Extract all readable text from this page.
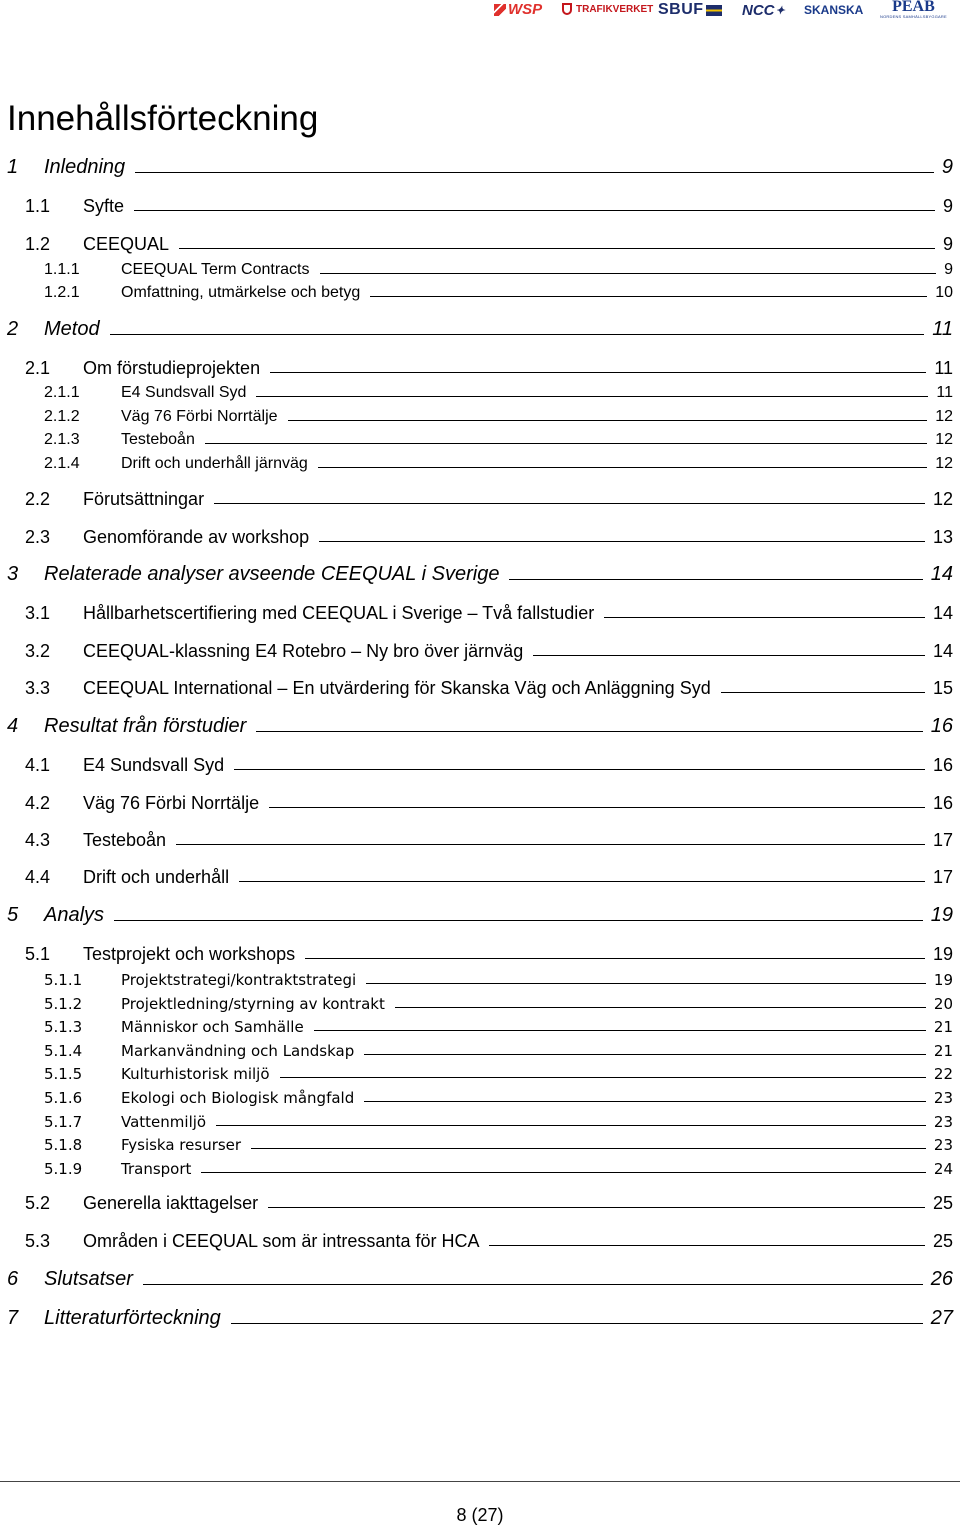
WSP	TRAFIKVERKET SBUF	NCC ✦ SKANSKA	PEAB
NORDENS SAMHÄLLSBYGGARE
Innehållsförteckning
1 Inledning	9
1.1 Syfte	9
1.2 CEEQUAL	9
1.1.1	CEEQUAL Term Contracts	9
1.2.1	Omfattning, utmärkelse och betyg	10
2 Metod	11
2.1 Om förstudieprojekten	11
2.1.1	E4 Sundsvall Syd	11
2.1.2	Väg 76 Förbi Norrtälje	12
2.1.3	Testeboån	12
2.1.4	Drift och underhåll järnväg	12
2.2 Förutsättningar	12
2.3 Genomförande av workshop	13
3 Relaterade analyser avseende CEEQUAL i Sverige	14
3.1 Hållbarhetscertifiering med CEEQUAL i Sverige – Två fallstudier	14
3.2 CEEQUAL-klassning E4 Rotebro – Ny bro över järnväg	14
3.3 CEEQUAL International – En utvärdering för Skanska Väg och Anläggning Syd	15
4 Resultat från förstudier	16
4.1 E4 Sundsvall Syd	16
4.2 Väg 76 Förbi Norrtälje	16
4.3 Testeboån	17
4.4 Drift och underhåll	17
5 Analys	19
5.1 Testprojekt och workshops	19
5.1.1	Projektstrategi/kontraktstrategi	19
5.1.2	Projektledning/styrning av kontrakt	20
5.1.3	Människor och Samhälle	21
5.1.4	Markanvändning och Landskap	21
5.1.5	Kulturhistorisk miljö	22
5.1.6	Ekologi och Biologisk mångfald	23
5.1.7	Vattenmiljö	23
5.1.8	Fysiska resurser	23
5.1.9	Transport	24
5.2 Generella iakttagelser	25
5.3 Områden i CEEQUAL som är intressanta för HCA	25
6 Slutsatser	26
7 Litteraturförteckning	27
8 (27)
